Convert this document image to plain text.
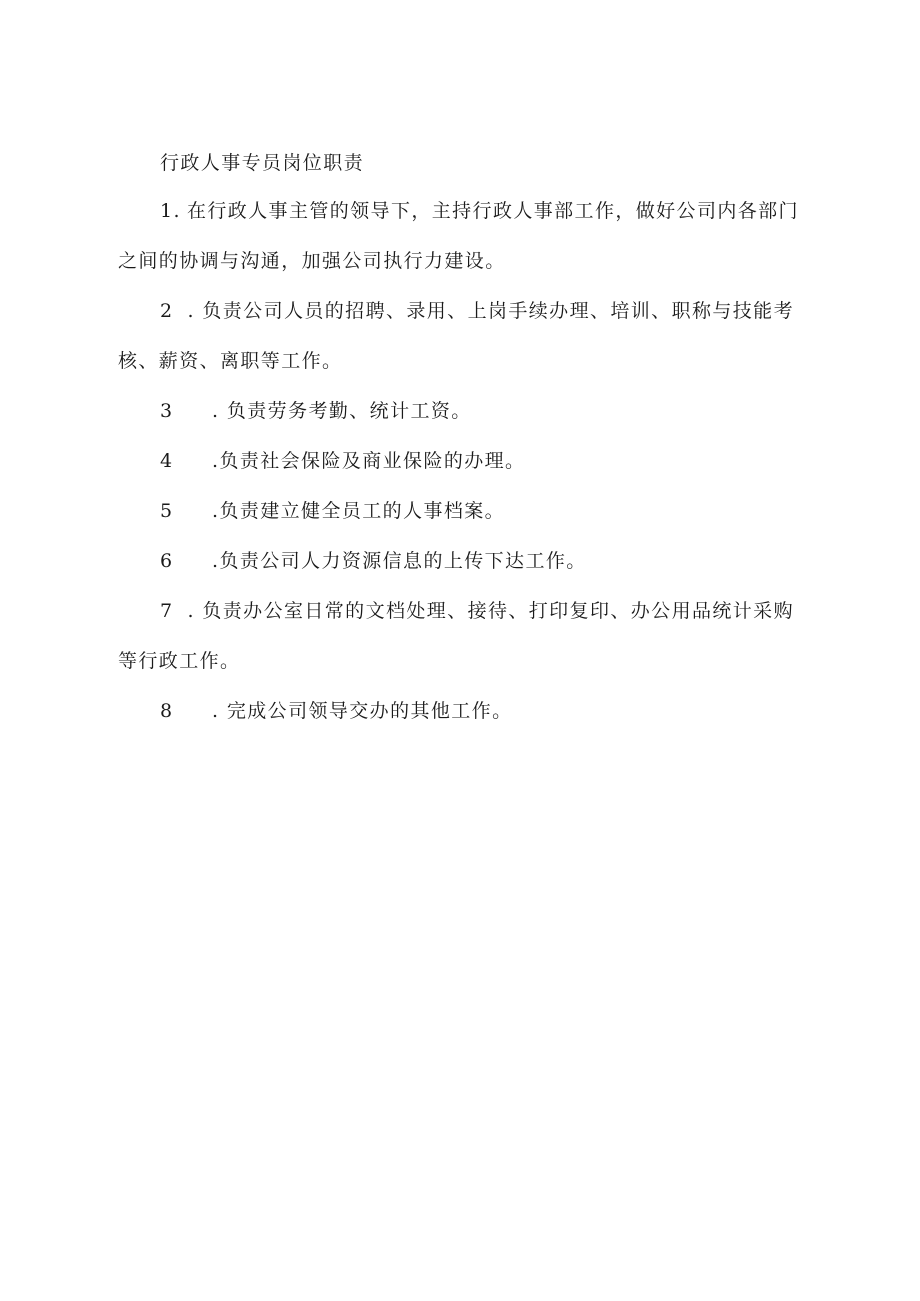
行政人事专员岗位职责

1. 在行政人事主管的领导下，主持行政人事部工作，做好公司内各部门之间的协调与沟通，加强公司执行力建设。

2 . 负责公司人员的招聘、录用、上岗手续办理、培训、职称与技能考核、薪资、离职等工作。

3 . 负责劳务考勤、统计工资。

4 .负责社会保险及商业保险的办理。

5 .负责建立健全员工的人事档案。

6 .负责公司人力资源信息的上传下达工作。

7 . 负责办公室日常的文档处理、接待、打印复印、办公用品统计采购等行政工作。

8 . 完成公司领导交办的其他工作。
